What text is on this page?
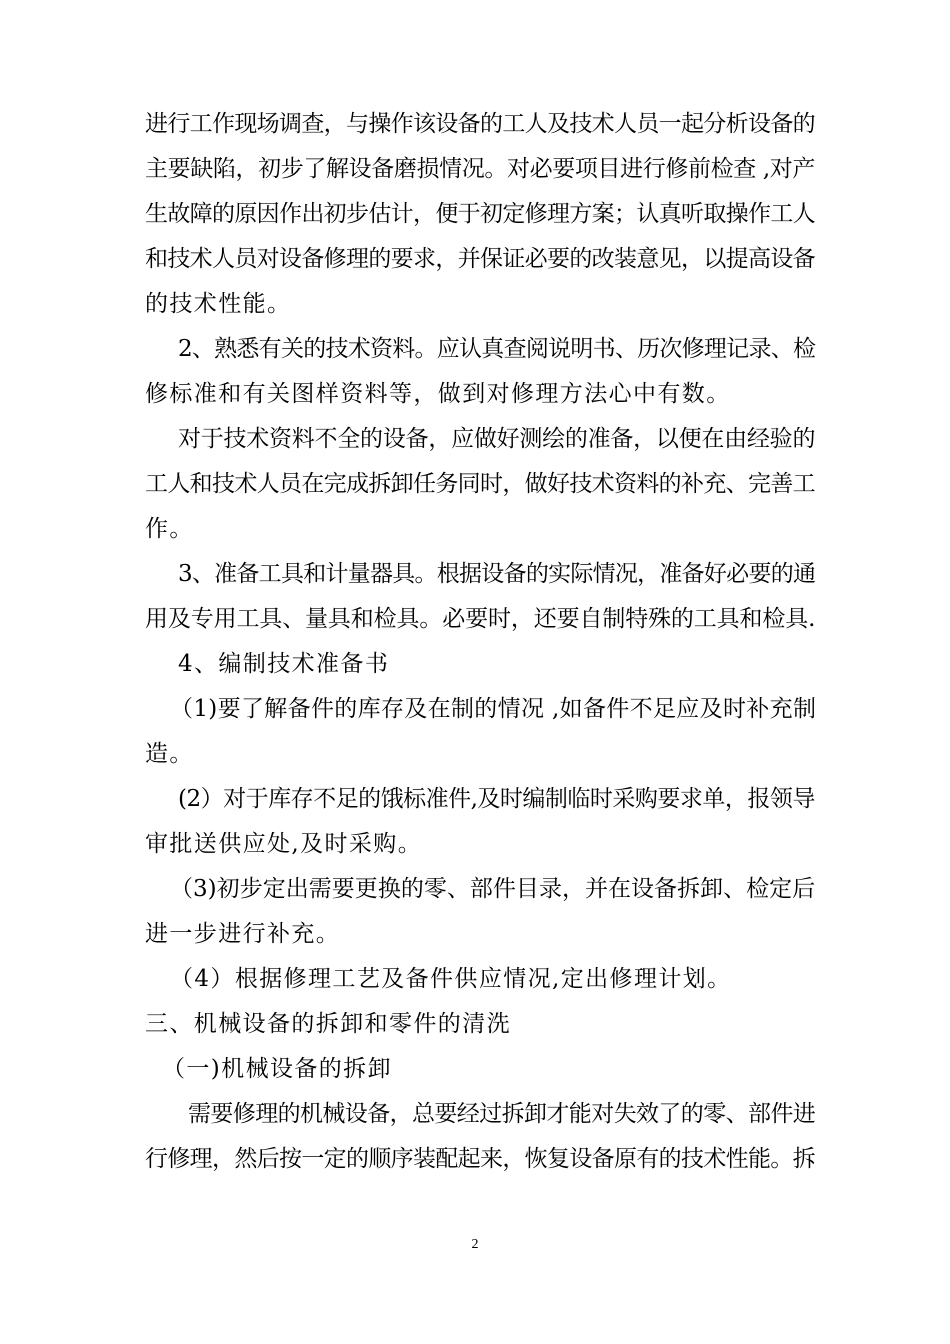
进行工作现场调查，与操作该设备的工人及技术人员一起分析设备的
主要缺陷，初步了解设备磨损情况。对必要项目进行修前检查 ,对产
生故障的原因作出初步估计，便于初定修理方案；认真听取操作工人
和技术人员对设备修理的要求，并保证必要的改装意见，以提高设备
的技术性能。
2、熟悉有关的技术资料。应认真查阅说明书、历次修理记录、检
修标准和有关图样资料等，做到对修理方法心中有数。
对于技术资料不全的设备，应做好测绘的准备，以便在由经验的
工人和技术人员在完成拆卸任务同时，做好技术资料的补充、完善工
作。
3、准备工具和计量器具。根据设备的实际情况，准备好必要的通
用及专用工具、量具和检具。必要时，还要自制特殊的工具和检具.
4、编制技术准备书
（1)要了解备件的库存及在制的情况 ,如备件不足应及时补充制
造。
(2）对于库存不足的饿标准件,及时编制临时采购要求单，报领导
审批送供应处,及时采购。
（3)初步定出需要更换的零、部件目录，并在设备拆卸、检定后
进一步进行补充。
（4）根据修理工艺及备件供应情况,定出修理计划。
三、机械设备的拆卸和零件的清洗
（一)机械设备的拆卸
需要修理的机械设备，总要经过拆卸才能对失效了的零、部件进
行修理，然后按一定的顺序装配起来，恢复设备原有的技术性能。拆
2
